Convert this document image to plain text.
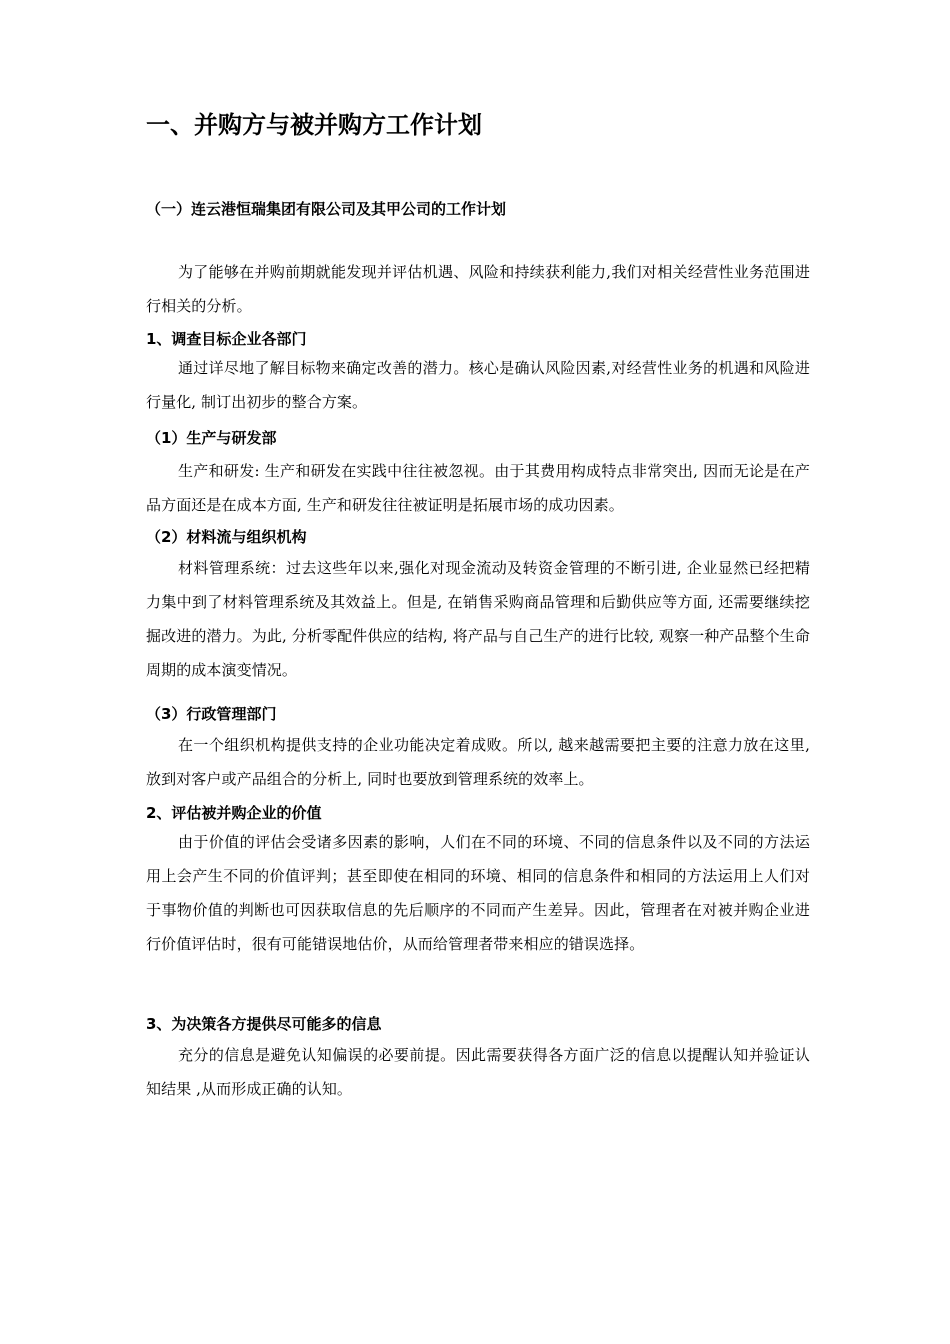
一、并购方与被并购方工作计划
（一）连云港恒瑞集团有限公司及其甲公司的工作计划

为了能够在并购前期就能发现并评估机遇、风险和持续获利能力,我们对相关经营性业务范围进行相关的分析。

1、调查目标企业各部门

通过详尽地了解目标物来确定改善的潜力。核心是确认风险因素,对经营性业务的机遇和风险进行量化, 制订出初步的整合方案。

（1）生产与研发部

生产和研发: 生产和研发在实践中往往被忽视。由于其费用构成特点非常突出, 因而无论是在产品方面还是在成本方面, 生产和研发往往被证明是拓展市场的成功因素。

（2）材料流与组织机构

材料管理系统：过去这些年以来,强化对现金流动及转资金管理的不断引进, 企业显然已经把精力集中到了材料管理系统及其效益上。但是, 在销售采购商品管理和后勤供应等方面, 还需要继续挖掘改进的潜力。为此, 分析零配件供应的结构, 将产品与自己生产的进行比较, 观察一种产品整个生命周期的成本演变情况。

（3）行政管理部门

在一个组织机构提供支持的企业功能决定着成败。所以, 越来越需要把主要的注意力放在这里, 放到对客户或产品组合的分析上, 同时也要放到管理系统的效率上。

2、评估被并购企业的价值

由于价值的评估会受诸多因素的影响，人们在不同的环境、不同的信息条件以及不同的方法运用上会产生不同的价值评判；甚至即使在相同的环境、相同的信息条件和相同的方法运用上人们对于事物价值的判断也可因获取信息的先后顺序的不同而产生差异。因此，管理者在对被并购企业进行价值评估时，很有可能错误地估价，从而给管理者带来相应的错误选择。

3、为决策各方提供尽可能多的信息

充分的信息是避免认知偏误的必要前提。因此需要获得各方面广泛的信息以提醒认知并验证认知结果 ,从而形成正确的认知。
